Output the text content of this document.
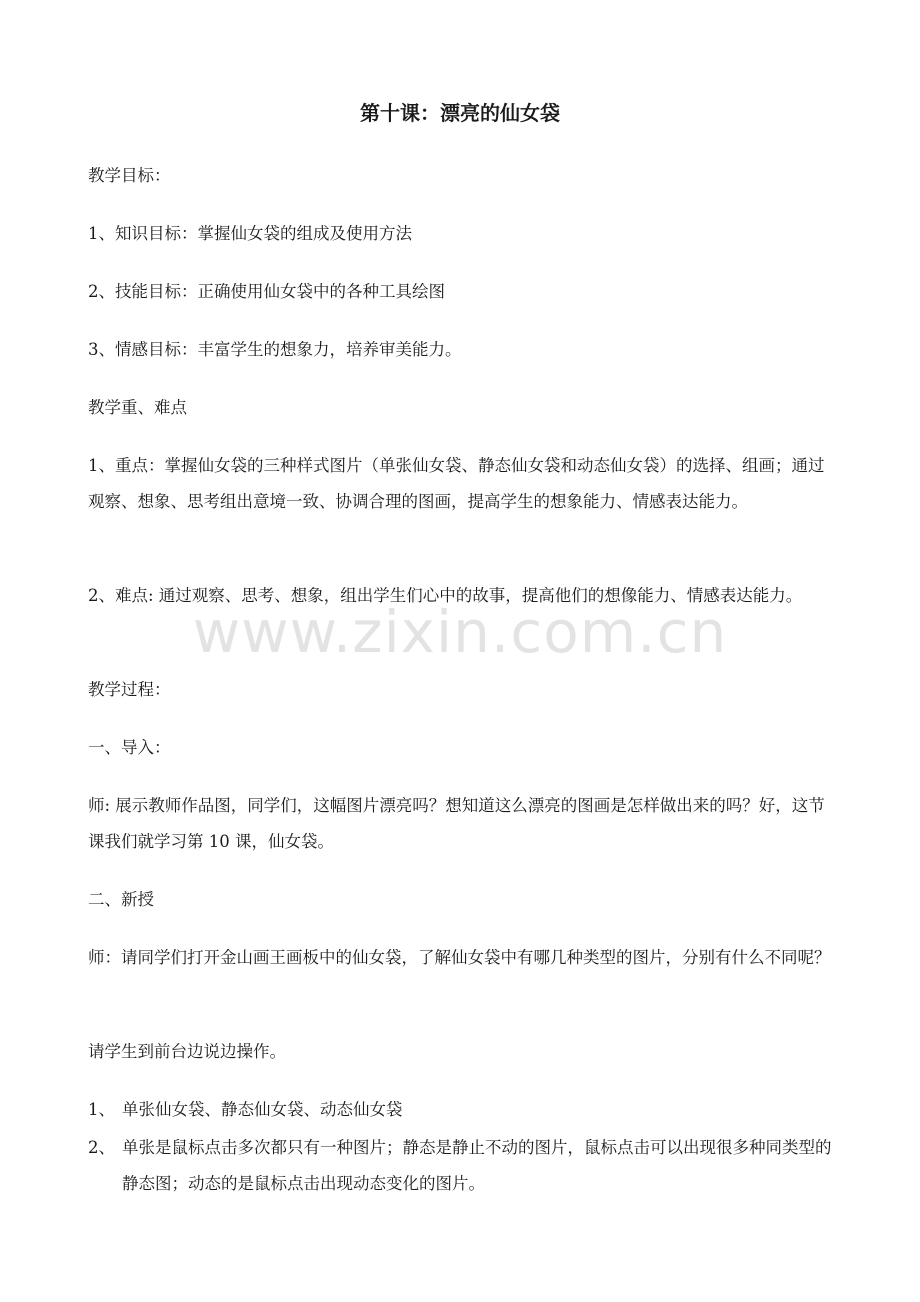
第十课：漂亮的仙女袋
教学目标：
1、知识目标：掌握仙女袋的组成及使用方法
2、技能目标：正确使用仙女袋中的各种工具绘图
3、情感目标：丰富学生的想象力，培养审美能力。
教学重、难点
1、重点：掌握仙女袋的三种样式图片（单张仙女袋、静态仙女袋和动态仙女袋）的选择、组画；通过观察、想象、思考组出意境一致、协调合理的图画，提高学生的想象能力、情感表达能力。
2、难点: 通过观察、思考、想象，组出学生们心中的故事，提高他们的想像能力、情感表达能力。
教学过程：
一、导入：
师: 展示教师作品图，同学们，这幅图片漂亮吗？想知道这么漂亮的图画是怎样做出来的吗？好，这节课我们就学习第 10 课，仙女袋。
二、新授
师：请同学们打开金山画王画板中的仙女袋，了解仙女袋中有哪几种类型的图片，分别有什么不同呢？
请学生到前台边说边操作。
1、 单张仙女袋、静态仙女袋、动态仙女袋
2、 单张是鼠标点击多次都只有一种图片；静态是静止不动的图片，鼠标点击可以出现很多种同类型的静态图；动态的是鼠标点击出现动态变化的图片。
www.zixin.com.cn
